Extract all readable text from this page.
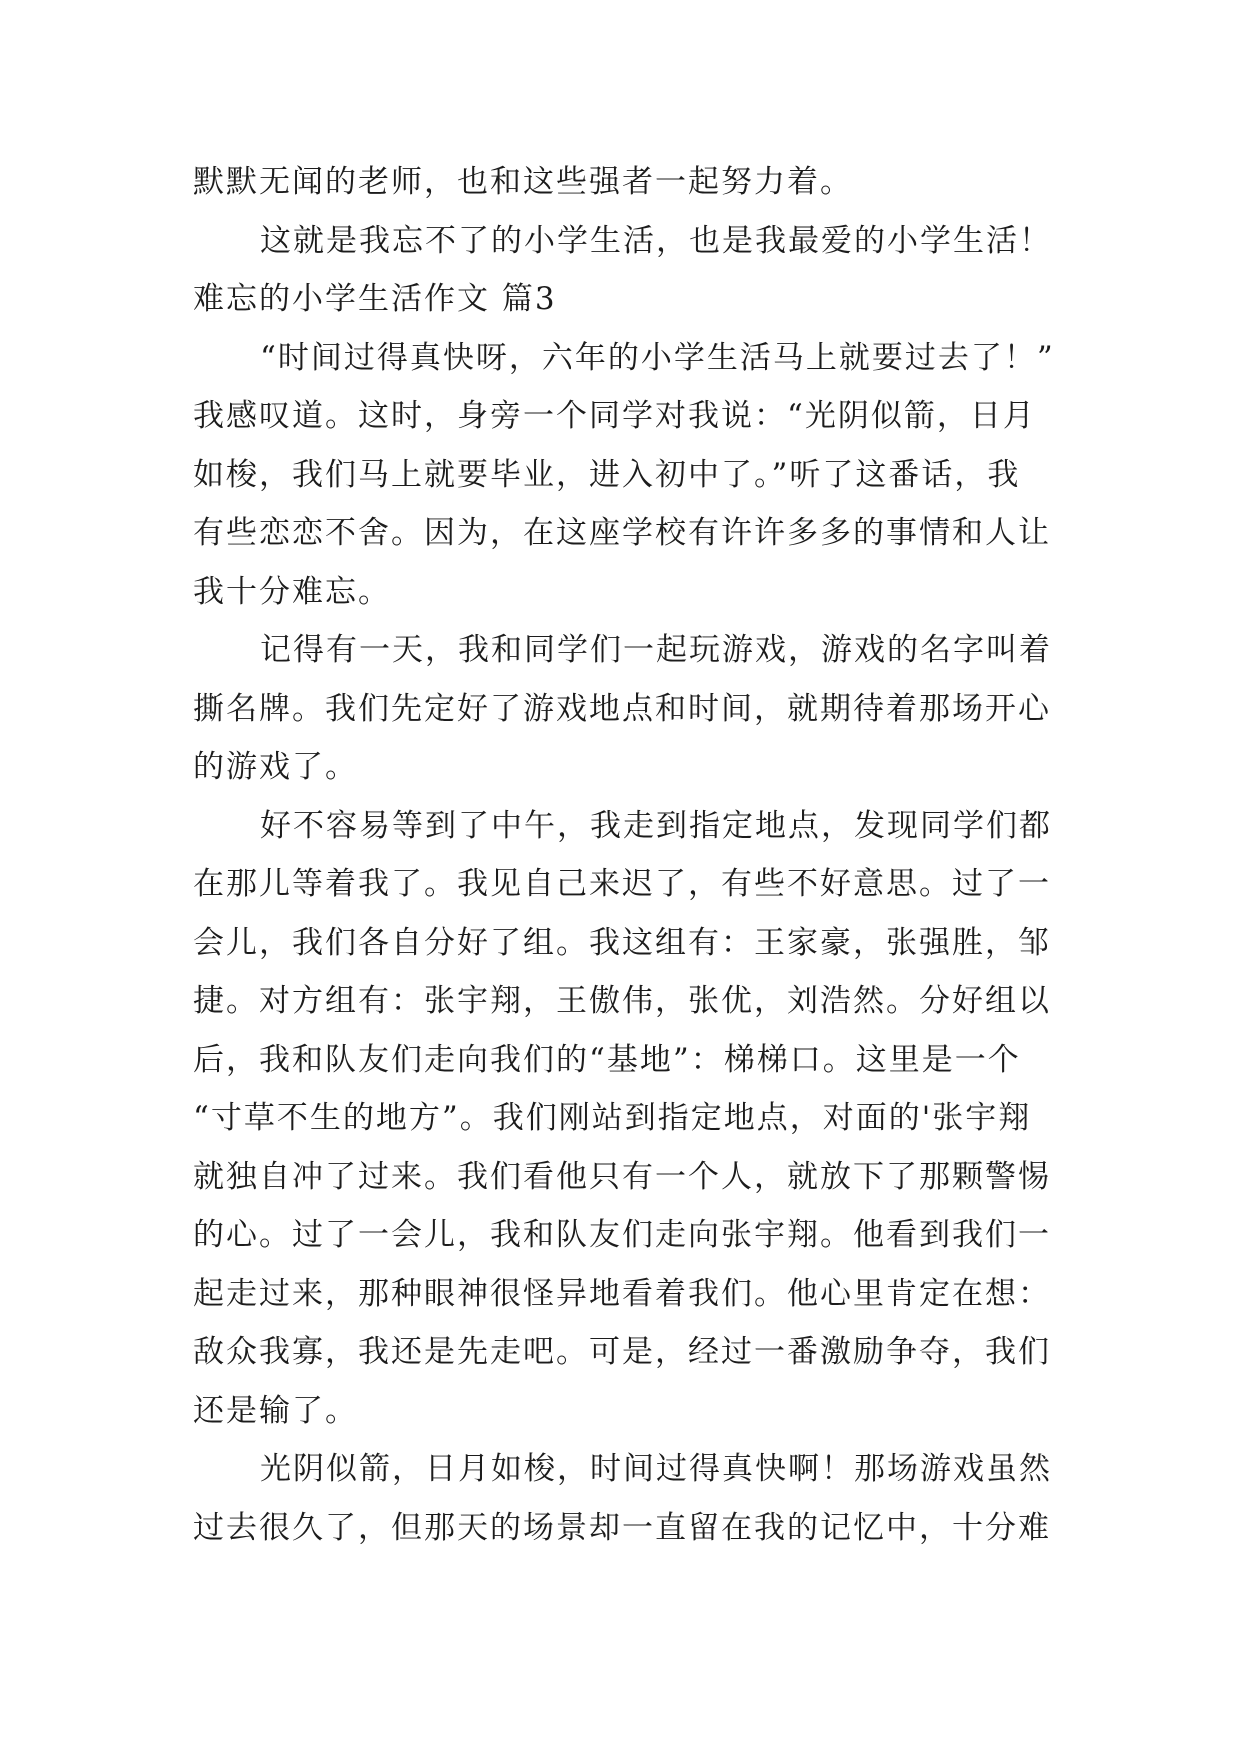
默默无闻的老师，也和这些强者一起努力着。
这就是我忘不了的小学生活，也是我最爱的小学生活！
难忘的小学生活作文 篇3
“时间过得真快呀，六年的小学生活马上就要过去了！”
我感叹道。这时，身旁一个同学对我说：“光阴似箭，日月
如梭，我们马上就要毕业，进入初中了。”听了这番话，我
有些恋恋不舍。因为，在这座学校有许许多多的事情和人让
我十分难忘。
记得有一天，我和同学们一起玩游戏，游戏的名字叫着
撕名牌。我们先定好了游戏地点和时间，就期待着那场开心
的游戏了。
好不容易等到了中午，我走到指定地点，发现同学们都
在那儿等着我了。我见自己来迟了，有些不好意思。过了一
会儿，我们各自分好了组。我这组有：王家豪，张强胜，邹
捷。对方组有：张宇翔，王傲伟，张优，刘浩然。分好组以
后，我和队友们走向我们的“基地”：梯梯口。这里是一个
“寸草不生的地方”。我们刚站到指定地点，对面的'张宇翔
就独自冲了过来。我们看他只有一个人，就放下了那颗警惕
的心。过了一会儿，我和队友们走向张宇翔。他看到我们一
起走过来，那种眼神很怪异地看着我们。他心里肯定在想：
敌众我寡，我还是先走吧。可是，经过一番激励争夺，我们
还是输了。
光阴似箭，日月如梭，时间过得真快啊！那场游戏虽然
过去很久了，但那天的场景却一直留在我的记忆中，十分难
